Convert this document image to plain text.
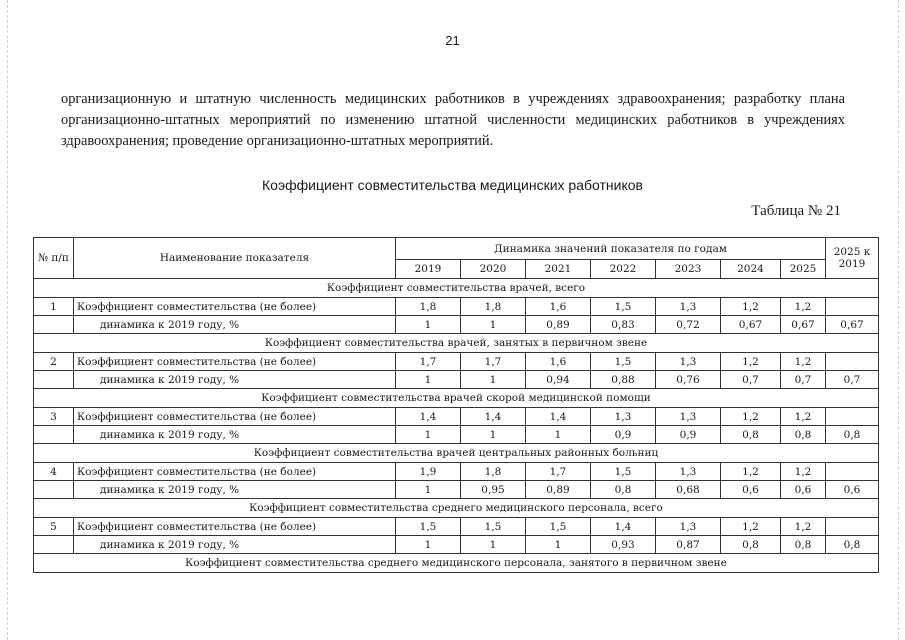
21

организационную и штатную численность медицинских работников в учреждениях здравоохранения; разработку плана организационно-штатных мероприятий по изменению штатной численности медицинских работников в учреждениях здравоохранения; проведение организационно-штатных мероприятий.

Коэффициент совместительства медицинских работников
Таблица № 21
№ п/п	Наименование показателя	Динамика значений показателя по годам							2025 к 2019
		2019	2020	2021	2022	2023	2024	2025	
Коэффициент совместительства врачей, всего									
1	Коэффициент совместительства (не более)	1,8	1,8	1,6	1,5	1,3	1,2	1,2	
	динамика к 2019 году, %	1	1	0,89	0,83	0,72	0,67	0,67	0,67
Коэффициент совместительства врачей, занятых в первичном звене									
2	Коэффициент совместительства (не более)	1,7	1,7	1,6	1,5	1,3	1,2	1,2	
	динамика к 2019 году, %	1	1	0,94	0,88	0,76	0,7	0,7	0,7
Коэффициент совместительства врачей скорой медицинской помощи									
3	Коэффициент совместительства (не более)	1,4	1,4	1,4	1,3	1,3	1,2	1,2	
	динамика к 2019 году, %	1	1	1	0,9	0,9	0,8	0,8	0,8
Коэффициент совместительства врачей центральных районных больниц									
4	Коэффициент совместительства (не более)	1,9	1,8	1,7	1,5	1,3	1,2	1,2	
	динамика к 2019 году, %	1	0,95	0,89	0,8	0,68	0,6	0,6	0,6
Коэффициент совместительства среднего медицинского персонала, всего									
5	Коэффициент совместительства (не более)	1,5	1,5	1,5	1,4	1,3	1,2	1,2	
	динамика к 2019 году, %	1	1	1	0,93	0,87	0,8	0,8	0,8
Коэффициент совместительства среднего медицинского персонала, занятого в первичном звене									
